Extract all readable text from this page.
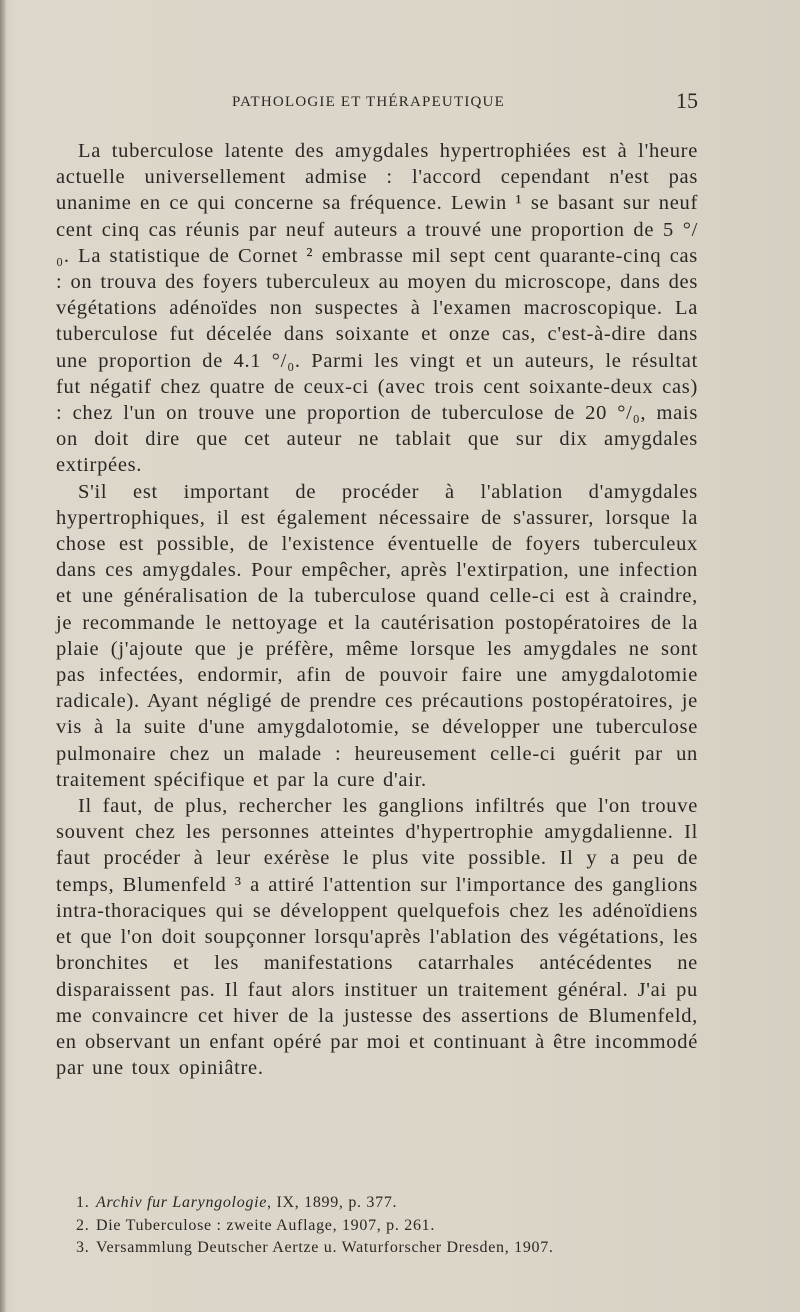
PATHOLOGIE ET THÉRAPEUTIQUE	15

La tuberculose latente des amygdales hypertrophiées est à l'heure actuelle universellement admise : l'accord cependant n'est pas unanime en ce qui concerne sa fréquence. Lewin ¹ se basant sur neuf cent cinq cas réunis par neuf auteurs a trouvé une proportion de 5 °/₀. La statistique de Cornet ² embrasse mil sept cent quarante-cinq cas : on trouva des foyers tuberculeux au moyen du microscope, dans des végétations adénoïdes non suspectes à l'examen macroscopique. La tuberculose fut décelée dans soixante et onze cas, c'est-à-dire dans une proportion de 4.1 °/₀. Parmi les vingt et un auteurs, le résultat fut négatif chez quatre de ceux-ci (avec trois cent soixante-deux cas) : chez l'un on trouve une proportion de tuberculose de 20 °/₀, mais on doit dire que cet auteur ne tablait que sur dix amygdales extirpées.

S'il est important de procéder à l'ablation d'amygdales hypertrophiques, il est également nécessaire de s'assurer, lorsque la chose est possible, de l'existence éventuelle de foyers tuberculeux dans ces amygdales. Pour empêcher, après l'extirpation, une infection et une généralisation de la tuberculose quand celle-ci est à craindre, je recommande le nettoyage et la cautérisation postopératoires de la plaie (j'ajoute que je préfère, même lorsque les amygdales ne sont pas infectées, endormir, afin de pouvoir faire une amygdalotomie radicale). Ayant négligé de prendre ces précautions postopératoires, je vis à la suite d'une amygdalotomie, se développer une tuberculose pulmonaire chez un malade : heureusement celle-ci guérit par un traitement spécifique et par la cure d'air.

Il faut, de plus, rechercher les ganglions infiltrés que l'on trouve souvent chez les personnes atteintes d'hypertrophie amygdalienne. Il faut procéder à leur exérèse le plus vite possible. Il y a peu de temps, Blumenfeld ³ a attiré l'attention sur l'importance des ganglions intra-thoraciques qui se développent quelquefois chez les adénoïdiens et que l'on doit soupçonner lorsqu'après l'ablation des végétations, les bronchites et les manifestations catarrhales antécédentes ne disparaissent pas. Il faut alors instituer un traitement général. J'ai pu me convaincre cet hiver de la justesse des assertions de Blumenfeld, en observant un enfant opéré par moi et continuant à être incommodé par une toux opiniâtre.

1. Archiv fur Laryngologie, IX, 1899, p. 377.

2. Die Tuberculose : zweite Auflage, 1907, p. 261.

3. Versammlung Deutscher Aertze u. Waturforscher Dresden, 1907.
